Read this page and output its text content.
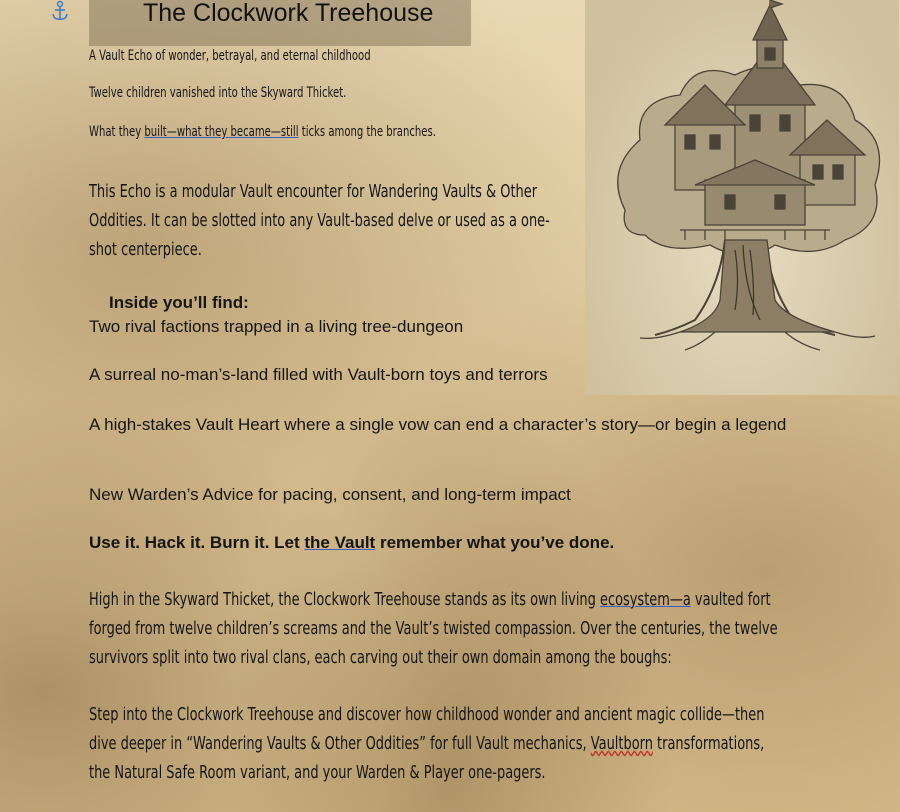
The Clockwork Treehouse
A Vault Echo of wonder, betrayal, and eternal childhood
Twelve children vanished into the Skyward Thicket.
What they built—what they became—still ticks among the branches.
This Echo is a modular Vault encounter for Wandering Vaults & Other
Oddities. It can be slotted into any Vault-based delve or used as a one-
shot centerpiece.
Inside you’ll find:
Two rival factions trapped in a living tree-dungeon
A surreal no-man’s-land filled with Vault-born toys and terrors
A high-stakes Vault Heart where a single vow can end a character’s story—or begin a legend
New Warden’s Advice for pacing, consent, and long-term impact
Use it. Hack it. Burn it. Let the Vault remember what you’ve done.
High in the Skyward Thicket, the Clockwork Treehouse stands as its own living ecosystem—a vaulted fort
forged from twelve children’s screams and the Vault’s twisted compassion. Over the centuries, the twelve
survivors split into two rival clans, each carving out their own domain among the boughs:
Step into the Clockwork Treehouse and discover how childhood wonder and ancient magic collide—then
dive deeper in “Wandering Vaults & Other Oddities” for full Vault mechanics, Vaultborn transformations,
the Natural Safe Room variant, and your Warden & Player one-pagers.
